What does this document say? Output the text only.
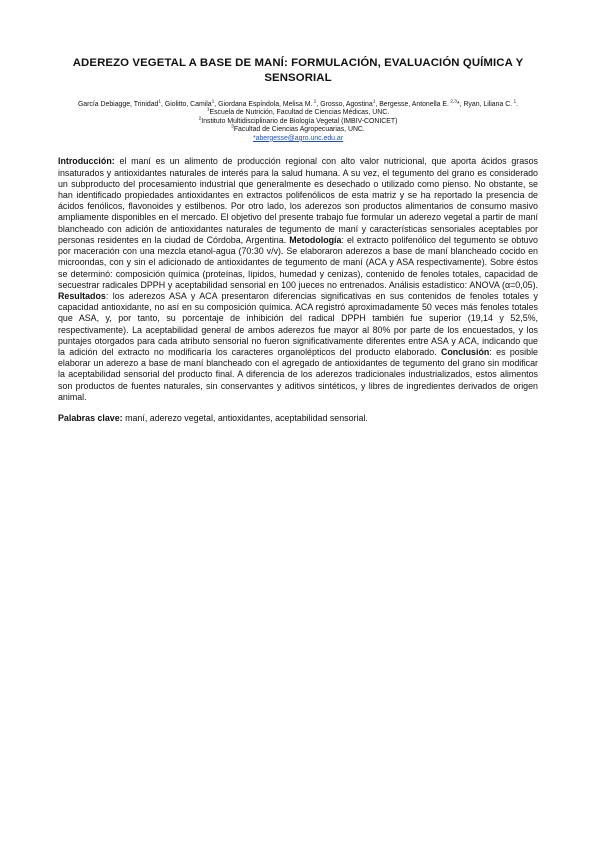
ADEREZO VEGETAL A BASE DE MANÍ: FORMULACIÓN, EVALUACIÓN QUÍMICA Y SENSORIAL

García Debiagge, Trinidad$^1$, Giolitto, Camila$^1$, Giordana Espíndola, Melisa M. $^1$, Grosso, Agostina$^1$, Bergesse, Antonella E. $^{2,3}$*, Ryan, Liliana C. $^1$.

$^1$Escuela de Nutrición, Facultad de Ciencias Médicas, UNC.

$^2$Instituto Multidisciplinario de Biología Vegetal (IMBIV-CONICET)

$^3$Facultad de Ciencias Agropecuarias, UNC.

*abergesse@agro.unc.edu.ar

Introducción: el maní es un alimento de producción regional con alto valor nutricional, que aporta ácidos grasos insaturados y antioxidantes naturales de interés para la salud humana. A su vez, el tegumento del grano es considerado un subproducto del procesamiento industrial que generalmente es desechado o utilizado como pienso. No obstante, se han identificado propiedades antioxidantes en extractos polifenólicos de esta matriz y se ha reportado la presencia de ácidos fenólicos, flavonoides y estilbenos. Por otro lado, los aderezos son productos alimentarios de consumo masivo ampliamente disponibles en el mercado. El objetivo del presente trabajo fue formular un aderezo vegetal a partir de maní blancheado con adición de antioxidantes naturales de tegumento de maní y características sensoriales aceptables por personas residentes en la ciudad de Córdoba, Argentina. Metodología: el extracto polifenólico del tegumento se obtuvo por maceración con una mezcla etanol-agua (70:30 v/v). Se elaboraron aderezos a base de maní blancheado cocido en microondas, con y sin el adicionado de antioxidantes de tegumento de maní (ACA y ASA respectivamente). Sobre éstos se determinó: composición química (proteínas, lípidos, humedad y cenizas), contenido de fenoles totales, capacidad de secuestrar radicales DPPH y aceptabilidad sensorial en 100 jueces no entrenados. Análisis estadístico: ANOVA (α=0,05). Resultados: los aderezos ASA y ACA presentaron diferencias significativas en sus contenidos de fenoles totales y capacidad antioxidante, no así en su composición química. ACA registró aproximadamente 50 veces más fenoles totales que ASA, y, por tanto, su porcentaje de inhibición del radical DPPH también fue superior (19,14 y 52,5%, respectivamente). La aceptabilidad general de ambos aderezos fue mayor al 80% por parte de los encuestados, y los puntajes otorgados para cada atributo sensorial no fueron significativamente diferentes entre ASA y ACA, indicando que la adición del extracto no modificaría los caracteres organolépticos del producto elaborado. Conclusión: es posible elaborar un aderezo a base de maní blancheado con el agregado de antioxidantes de tegumento del grano sin modificar la aceptabilidad sensorial del producto final. A diferencia de los aderezos tradicionales industrializados, estos alimentos son productos de fuentes naturales, sin conservantes y aditivos sintéticos, y libres de ingredientes derivados de origen animal.

Palabras clave: maní, aderezo vegetal, antioxidantes, aceptabilidad sensorial.
